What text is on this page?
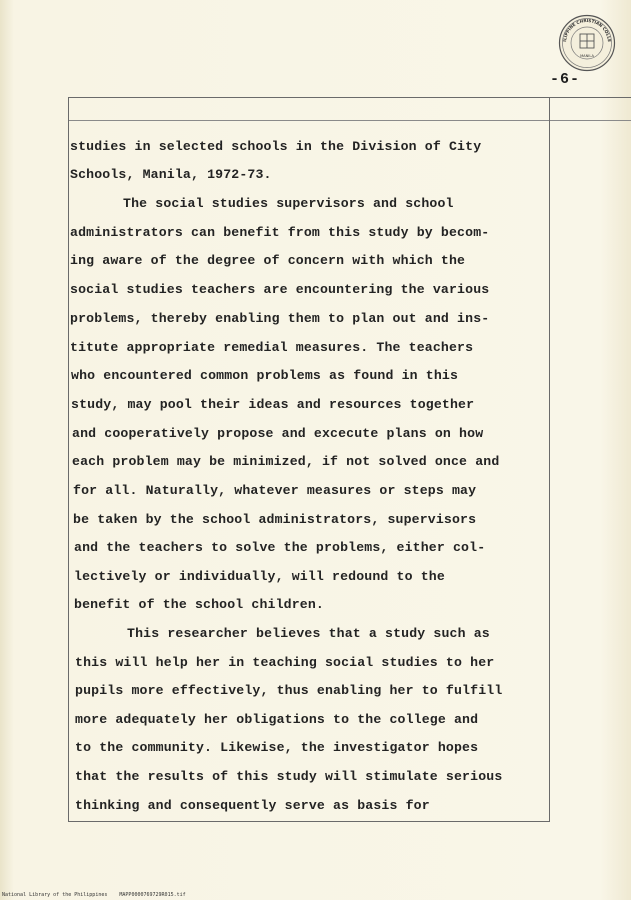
ILIPPINE CHRISTIAN COLLE
MANILA
-6-
studies in selected schools in the Division of City
Schools, Manila, 1972-73.
The social studies supervisors and school
administrators can benefit from this study by becom-
ing aware of the degree of concern with which the
social studies teachers are encountering the various
problems, thereby enabling them to plan out and ins-
titute appropriate remedial measures. The teachers
who encountered common problems as found in this
study, may pool their ideas and resources together
and cooperatively propose and excecute plans on how
each problem may be minimized, if not solved once and
for all. Naturally, whatever measures or steps may
be taken by the school administrators, supervisors
and the teachers to solve the problems, either col-
lectively or individually, will redound to the
benefit of the school children.
This researcher believes that a study such as
this will help her in teaching social studies to her
pupils more effectively, thus enabling her to fulfill
more adequately her obligations to the college and
to the community. Likewise, the investigator hopes
that the results of this study will stimulate serious
thinking and consequently serve as basis for
National Library of the Philippines MAPP0000769729R015.tif
